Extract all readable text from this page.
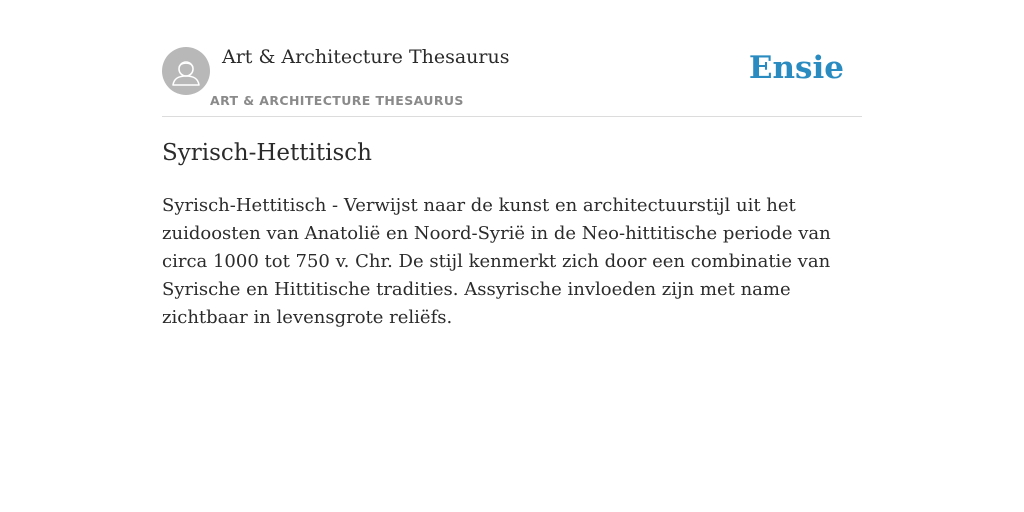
Art & Architecture Thesaurus
ART & ARCHITECTURE THESAURUS
Ensie
Syrisch-Hettitisch

Syrisch-Hettitisch - Verwijst naar de kunst en architectuurstijl uit het zuidoosten van Anatolië en Noord-Syrië in de Neo-hittitische periode van circa 1000 tot 750 v. Chr. De stijl kenmerkt zich door een combinatie van Syrische en Hittitische tradities. Assyrische invloeden zijn met name zichtbaar in levensgrote reliëfs.
